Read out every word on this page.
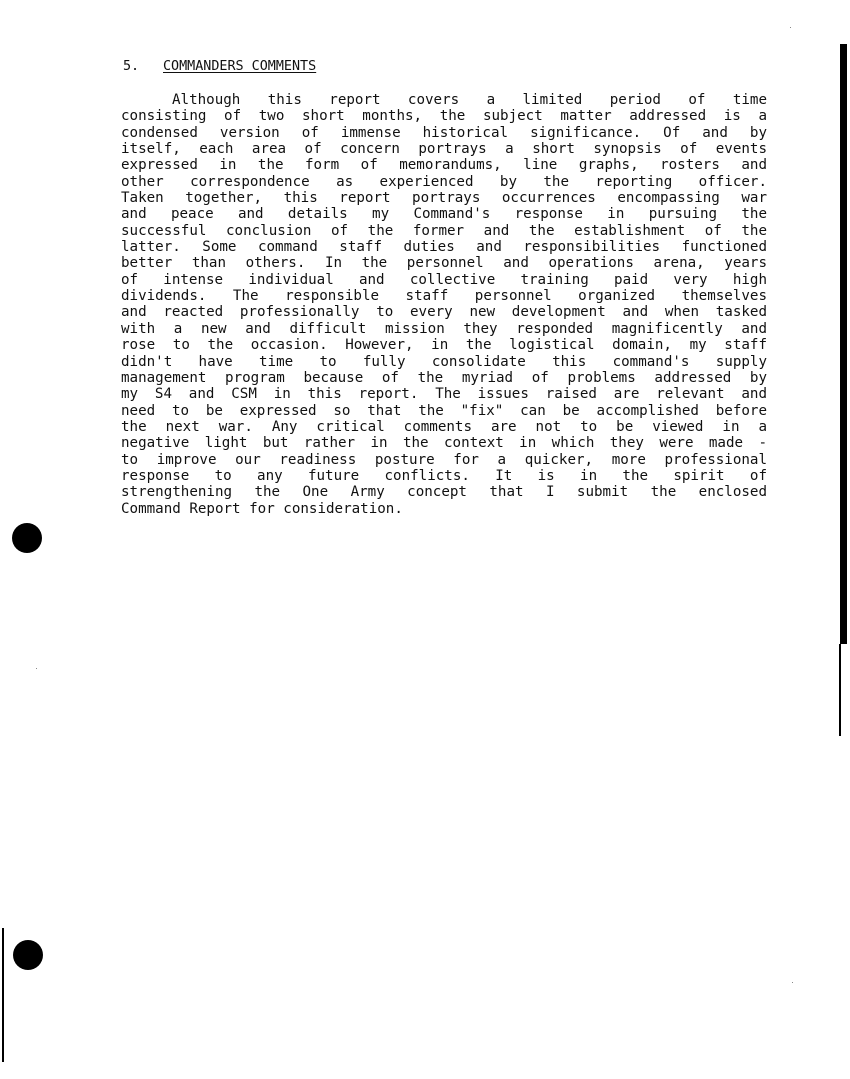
5. COMMANDERS COMMENTS
Although this report covers a limited period of time
consisting of two short months, the subject matter addressed is a
condensed version of immense historical significance. Of and by
itself, each area of concern portrays a short synopsis of events
expressed in the form of memorandums, line graphs, rosters and
other correspondence as experienced by the reporting officer.
Taken together, this report portrays occurrences encompassing war
and peace and details my Command's response in pursuing the
successful conclusion of the former and the establishment of the
latter. Some command staff duties and responsibilities functioned
better than others. In the personnel and operations arena, years
of intense individual and collective training paid very high
dividends. The responsible staff personnel organized themselves
and reacted professionally to every new development and when tasked
with a new and difficult mission they responded magnificently and
rose to the occasion. However, in the logistical domain, my staff
didn't have time to fully consolidate this command's supply
management program because of the myriad of problems addressed by
my S4 and CSM in this report. The issues raised are relevant and
need to be expressed so that the "fix" can be accomplished before
the next war. Any critical comments are not to be viewed in a
negative light but rather in the context in which they were made -
to improve our readiness posture for a quicker, more professional
response to any future conflicts. It is in the spirit of
strengthening the One Army concept that I submit the enclosed
Command Report for consideration.
